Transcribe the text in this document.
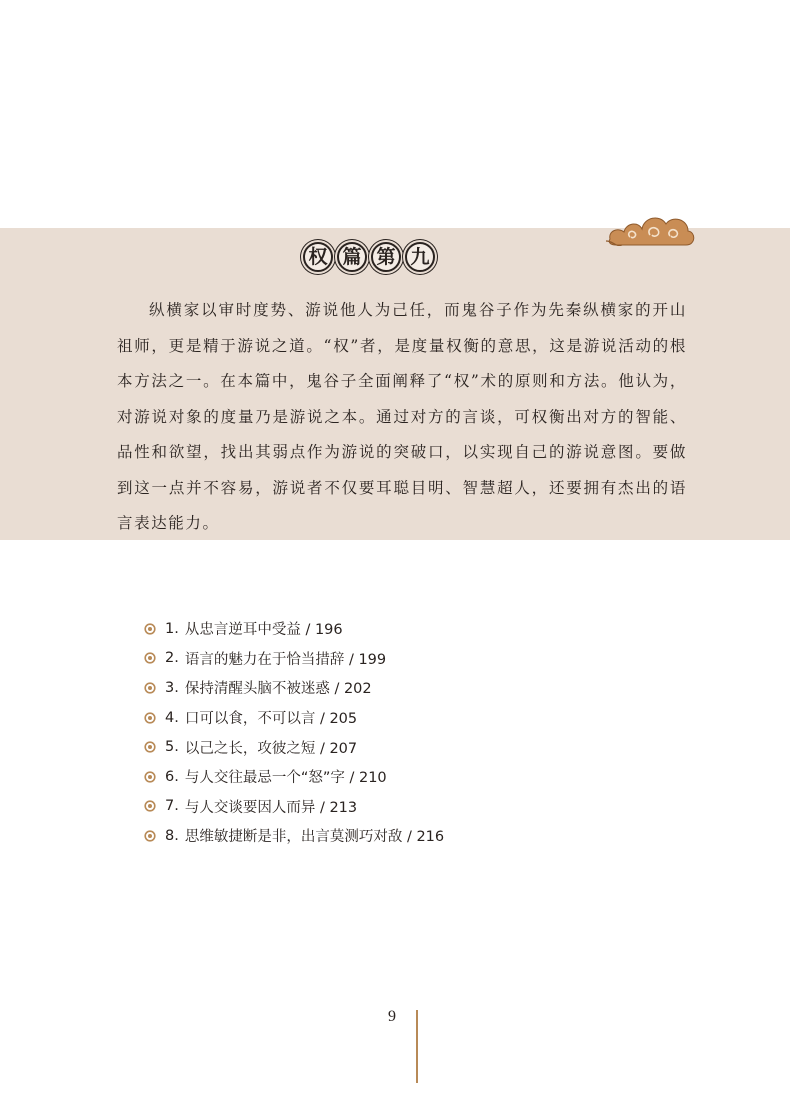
权 篇 第 九

纵横家以审时度势、游说他人为己任，而鬼谷子作为先秦纵横家的开山祖师，更是精于游说之道。“权”者，是度量权衡的意思，这是游说活动的根本方法之一。在本篇中，鬼谷子全面阐释了“权”术的原则和方法。他认为，对游说对象的度量乃是游说之本。通过对方的言谈，可权衡出对方的智能、品性和欲望，找出其弱点作为游说的突破口，以实现自己的游说意图。要做到这一点并不容易，游说者不仅要耳聪目明、智慧超人，还要拥有杰出的语言表达能力。

1. 从忠言逆耳中受益 / 196
2. 语言的魅力在于恰当措辞 / 199
3. 保持清醒头脑不被迷惑 / 202
4. 口可以食，不可以言 / 205
5. 以己之长，攻彼之短 / 207
6. 与人交往最忌一个“怒”字 / 210
7. 与人交谈要因人而异 / 213
8. 思维敏捷断是非，出言莫测巧对敌 / 216
9
